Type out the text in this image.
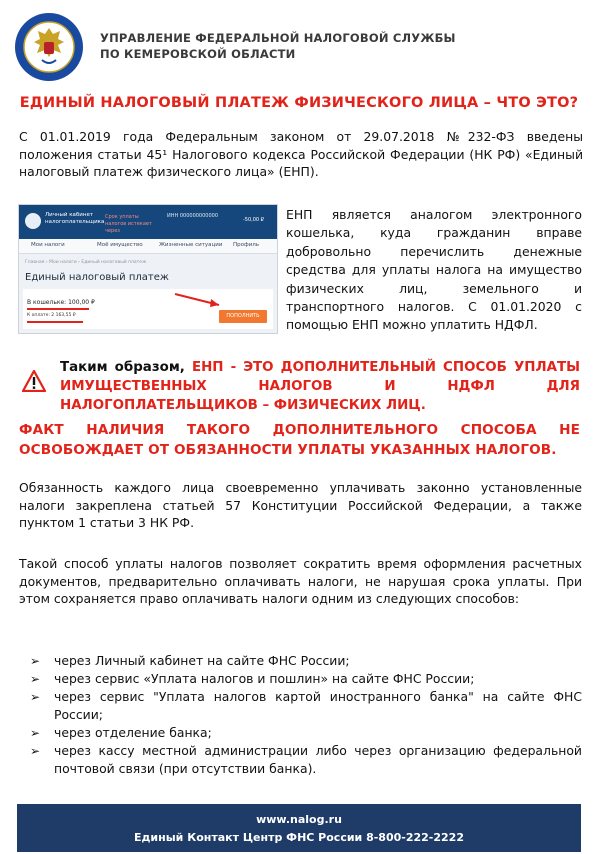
УПРАВЛЕНИЕ ФЕДЕРАЛЬНОЙ НАЛОГОВОЙ СЛУЖБЫ
ПО КЕМЕРОВСКОЙ ОБЛАСТИ
ЕДИНЫЙ НАЛОГОВЫЙ ПЛАТЕЖ ФИЗИЧЕСКОГО ЛИЦА – ЧТО ЭТО?
С 01.01.2019 года Федеральным законом от 29.07.2018 №232-ФЗ введены положения статьи 45¹ Налогового кодекса Российской Федерации (НК РФ) «Единый налоговый платеж физического лица» (ЕНП).
Личный кабинет
налогоплательщика
Срок уплаты налогов истекает через
ИНН 000000000000
-50,00 ₽
Мои налоги	Моё имущество	Жизненные ситуации Профиль
Главная › Мои налоги › Единый налоговый платеж
Единый налоговый платеж
В кошельке: 100,00 ₽
К оплате: 2 163,55 ₽	ПОПОЛНИТЬ
ЕНП является аналогом электронного кошелька, куда гражданин вправе добровольно перечислить денежные средства для уплаты налога на имущество физических лиц, земельного и транспортного налогов. С 01.01.2020 с помощью ЕНП можно уплатить НДФЛ.
Таким образом, ЕНП - ЭТО ДОПОЛНИТЕЛЬНЫЙ СПОСОБ УПЛАТЫ ИМУЩЕСТВЕННЫХ НАЛОГОВ И НДФЛ ДЛЯ НАЛОГОПЛАТЕЛЬЩИКОВ – ФИЗИЧЕСКИХ ЛИЦ.
ФАКТ НАЛИЧИЯ ТАКОГО ДОПОЛНИТЕЛЬНОГО СПОСОБА НЕ ОСВОБОЖДАЕТ ОТ ОБЯЗАННОСТИ УПЛАТЫ УКАЗАННЫХ НАЛОГОВ.
Обязанность каждого лица своевременно уплачивать законно установленные налоги закреплена статьей 57 Конституции Российской Федерации, а также пунктом 1 статьи 3 НК РФ.
Такой способ уплаты налогов позволяет сократить время оформления расчетных документов, предварительно оплачивать налоги, не нарушая срока уплаты. При этом сохраняется право оплачивать налоги одним из следующих способов:
➢ через Личный кабинет на сайте ФНС России;
➢ через сервис «Уплата налогов и пошлин» на сайте ФНС России;
➢ через сервис "Уплата налогов картой иностранного банка" на сайте ФНС России;
➢ через отделение банка;
➢ через кассу местной администрации либо через организацию федеральной почтовой связи (при отсутствии банка).
www.nalog.ru
Единый Контакт Центр ФНС России 8-800-222-2222
